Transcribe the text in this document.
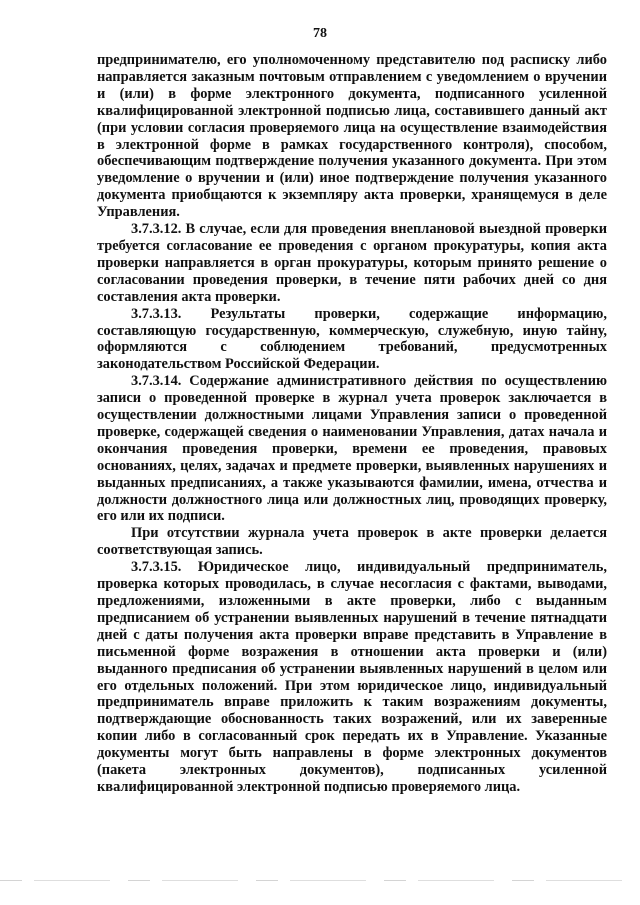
78

предпринимателю, его уполномоченному представителю под расписку либо направляется заказным почтовым отправлением с уведомлением о вручении и (или) в форме электронного документа, подписанного усиленной квалифицированной электронной подписью лица, составившего данный акт (при условии согласия проверяемого лица на осуществление взаимодействия в электронной форме в рамках государственного контроля), способом, обеспечивающим подтверждение получения указанного документа. При этом уведомление о вручении и (или) иное подтверждение получения указанного документа приобщаются к экземпляру акта проверки, хранящемуся в деле Управления.

3.7.3.12. В случае, если для проведения внеплановой выездной проверки требуется согласование ее проведения с органом прокуратуры, копия акта проверки направляется в орган прокуратуры, которым принято решение о согласовании проведения проверки, в течение пяти рабочих дней со дня составления акта проверки.

3.7.3.13. Результаты проверки, содержащие информацию, составляющую государственную, коммерческую, служебную, иную тайну, оформляются с соблюдением требований, предусмотренных законодательством Российской Федерации.

3.7.3.14. Содержание административного действия по осуществлению записи о проведенной проверке в журнал учета проверок заключается в осуществлении должностными лицами Управления записи о проведенной проверке, содержащей сведения о наименовании Управления, датах начала и окончания проведения проверки, времени ее проведения, правовых основаниях, целях, задачах и предмете проверки, выявленных нарушениях и выданных предписаниях, а также указываются фамилии, имена, отчества и должности должностного лица или должностных лиц, проводящих проверку, его или их подписи.

При отсутствии журнала учета проверок в акте проверки делается соответствующая запись.

3.7.3.15. Юридическое лицо, индивидуальный предприниматель, проверка которых проводилась, в случае несогласия с фактами, выводами, предложениями, изложенными в акте проверки, либо с выданным предписанием об устранении выявленных нарушений в течение пятнадцати дней с даты получения акта проверки вправе представить в Управление в письменной форме возражения в отношении акта проверки и (или) выданного предписания об устранении выявленных нарушений в целом или его отдельных положений. При этом юридическое лицо, индивидуальный предприниматель вправе приложить к таким возражениям документы, подтверждающие обоснованность таких возражений, или их заверенные копии либо в согласованный срок передать их в Управление. Указанные документы могут быть направлены в форме электронных документов (пакета электронных документов), подписанных усиленной квалифицированной электронной подписью проверяемого лица.
